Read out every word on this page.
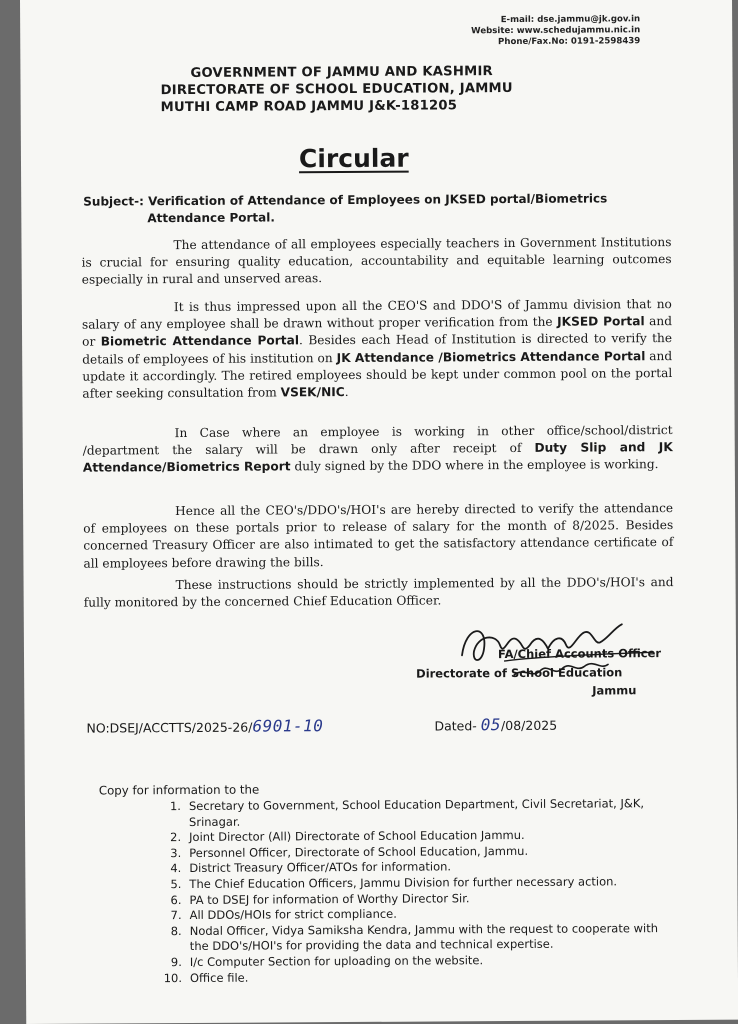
E-mail: dse.jammu@jk.gov.in
Website: www.schedujammu.nic.in
Phone/Fax.No: 0191-2598439
GOVERNMENT OF JAMMU AND KASHMIR
DIRECTORATE OF SCHOOL EDUCATION, JAMMU
MUTHI CAMP ROAD JAMMU J&K-181205
Circular
Subject-: Verification of Attendance of Employees on JKSED portal/Biometrics
Attendance Portal.
The attendance of all employees especially teachers in Government Institutions is crucial for ensuring quality education, accountability and equitable learning outcomes especially in rural and unserved areas.
It is thus impressed upon all the CEO'S and DDO'S of Jammu division that no salary of any employee shall be drawn without proper verification from the JKSED Portal and or Biometric Attendance Portal. Besides each Head of Institution is directed to verify the details of employees of his institution on JK Attendance /Biometrics Attendance Portal and update it accordingly. The retired employees should be kept under common pool on the portal after seeking consultation from VSEK/NIC.
In Case where an employee is working in other office/school/district /department the salary will be drawn only after receipt of Duty Slip and JK Attendance/Biometrics Report duly signed by the DDO where in the employee is working.
Hence all the CEO's/DDO's/HOI's are hereby directed to verify the attendance of employees on these portals prior to release of salary for the month of 8/2025. Besides concerned Treasury Officer are also intimated to get the satisfactory attendance certificate of all employees before drawing the bills.
These instructions should be strictly implemented by all the DDO's/HOI's and fully monitored by the concerned Chief Education Officer.
FA/Chief Accounts Officer
Directorate of School Education
Jammu
NO:DSEJ/ACCTTS/2025-26/6901-10	Dated- 05/08/2025
Copy for information to the
1. Secretary to Government, School Education Department, Civil Secretariat, J&K, Srinagar.
2. Joint Director (All) Directorate of School Education Jammu.
3. Personnel Officer, Directorate of School Education, Jammu.
4. District Treasury Officer/ATOs for information.
5. The Chief Education Officers, Jammu Division for further necessary action.
6. PA to DSEJ for information of Worthy Director Sir.
7. All DDOs/HOIs for strict compliance.
8. Nodal Officer, Vidya Samiksha Kendra, Jammu with the request to cooperate with the DDO's/HOI's for providing the data and technical expertise.
9. I/c Computer Section for uploading on the website.
10. Office file.
